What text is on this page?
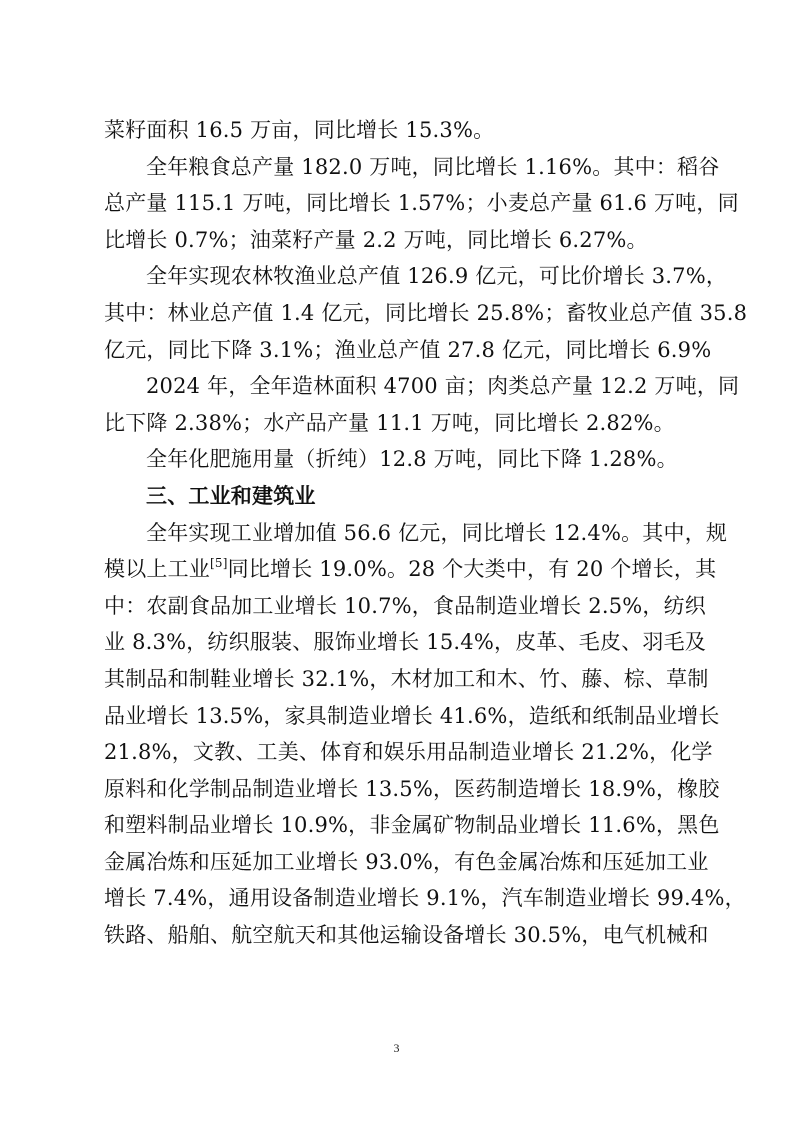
菜籽面积 16.5 万亩，同比增长 15.3%。
全年粮食总产量 182.0 万吨，同比增长 1.16%。其中：稻谷
总产量 115.1 万吨，同比增长 1.57%；小麦总产量 61.6 万吨，同
比增长 0.7%；油菜籽产量 2.2 万吨，同比增长 6.27%。
全年实现农林牧渔业总产值 126.9 亿元，可比价增长 3.7%，
其中：林业总产值 1.4 亿元，同比增长 25.8%；畜牧业总产值 35.8
亿元，同比下降 3.1%；渔业总产值 27.8 亿元，同比增长 6.9%
2024 年，全年造林面积 4700 亩；肉类总产量 12.2 万吨，同
比下降 2.38%；水产品产量 11.1 万吨，同比增长 2.82%。
全年化肥施用量（折纯）12.8 万吨，同比下降 1.28%。
三、工业和建筑业
全年实现工业增加值 56.6 亿元，同比增长 12.4%。其中，规
模以上工业[5]同比增长 19.0%。28 个大类中，有 20 个增长，其
中：农副食品加工业增长 10.7%，食品制造业增长 2.5%，纺织
业 8.3%，纺织服装、服饰业增长 15.4%，皮革、毛皮、羽毛及
其制品和制鞋业增长 32.1%，木材加工和木、竹、藤、棕、草制
品业增长 13.5%，家具制造业增长 41.6%，造纸和纸制品业增长
21.8%，文教、工美、体育和娱乐用品制造业增长 21.2%，化学
原料和化学制品制造业增长 13.5%，医药制造增长 18.9%，橡胶
和塑料制品业增长 10.9%，非金属矿物制品业增长 11.6%，黑色
金属冶炼和压延加工业增长 93.0%，有色金属冶炼和压延加工业
增长 7.4%，通用设备制造业增长 9.1%，汽车制造业增长 99.4%，
铁路、船舶、航空航天和其他运输设备增长 30.5%，电气机械和
3
